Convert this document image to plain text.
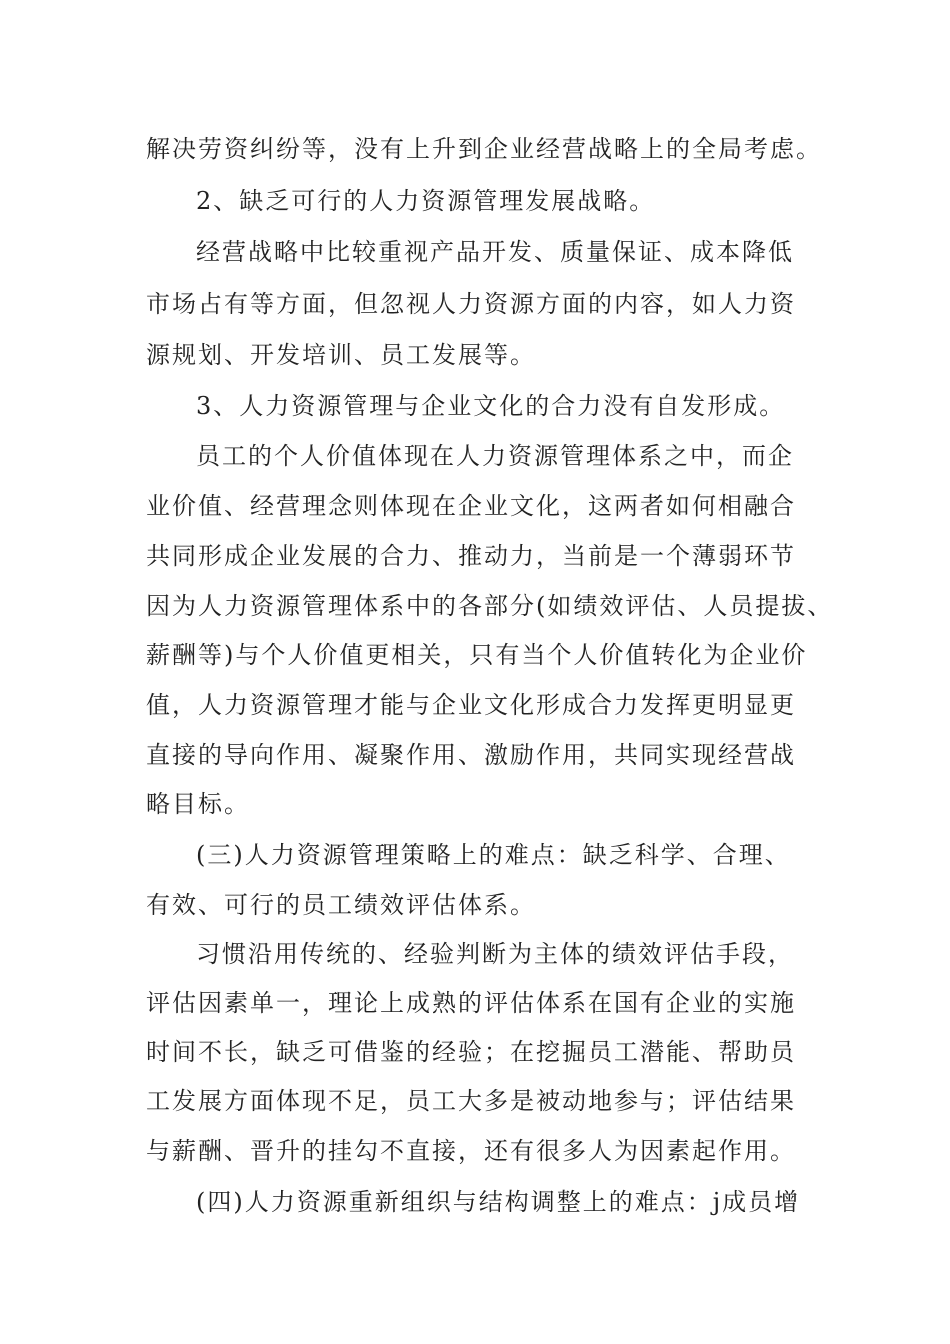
解决劳资纠纷等，没有上升到企业经营战略上的全局考虑。
2、缺乏可行的人力资源管理发展战略。
经营战略中比较重视产品开发、质量保证、成本降低
市场占有等方面，但忽视人力资源方面的内容，如人力资
源规划、开发培训、员工发展等。
3、人力资源管理与企业文化的合力没有自发形成。
员工的个人价值体现在人力资源管理体系之中，而企
业价值、经营理念则体现在企业文化，这两者如何相融合
共同形成企业发展的合力、推动力，当前是一个薄弱环节
因为人力资源管理体系中的各部分(如绩效评估、人员提拔、
薪酬等)与个人价值更相关，只有当个人价值转化为企业价
值，人力资源管理才能与企业文化形成合力发挥更明显更
直接的导向作用、凝聚作用、激励作用，共同实现经营战
略目标。
(三)人力资源管理策略上的难点：缺乏科学、合理、
有效、可行的员工绩效评估体系。
习惯沿用传统的、经验判断为主体的绩效评估手段，
评估因素单一，理论上成熟的评估体系在国有企业的实施
时间不长，缺乏可借鉴的经验；在挖掘员工潜能、帮助员
工发展方面体现不足，员工大多是被动地参与；评估结果
与薪酬、晋升的挂勾不直接，还有很多人为因素起作用。
(四)人力资源重新组织与结构调整上的难点：j成员增
